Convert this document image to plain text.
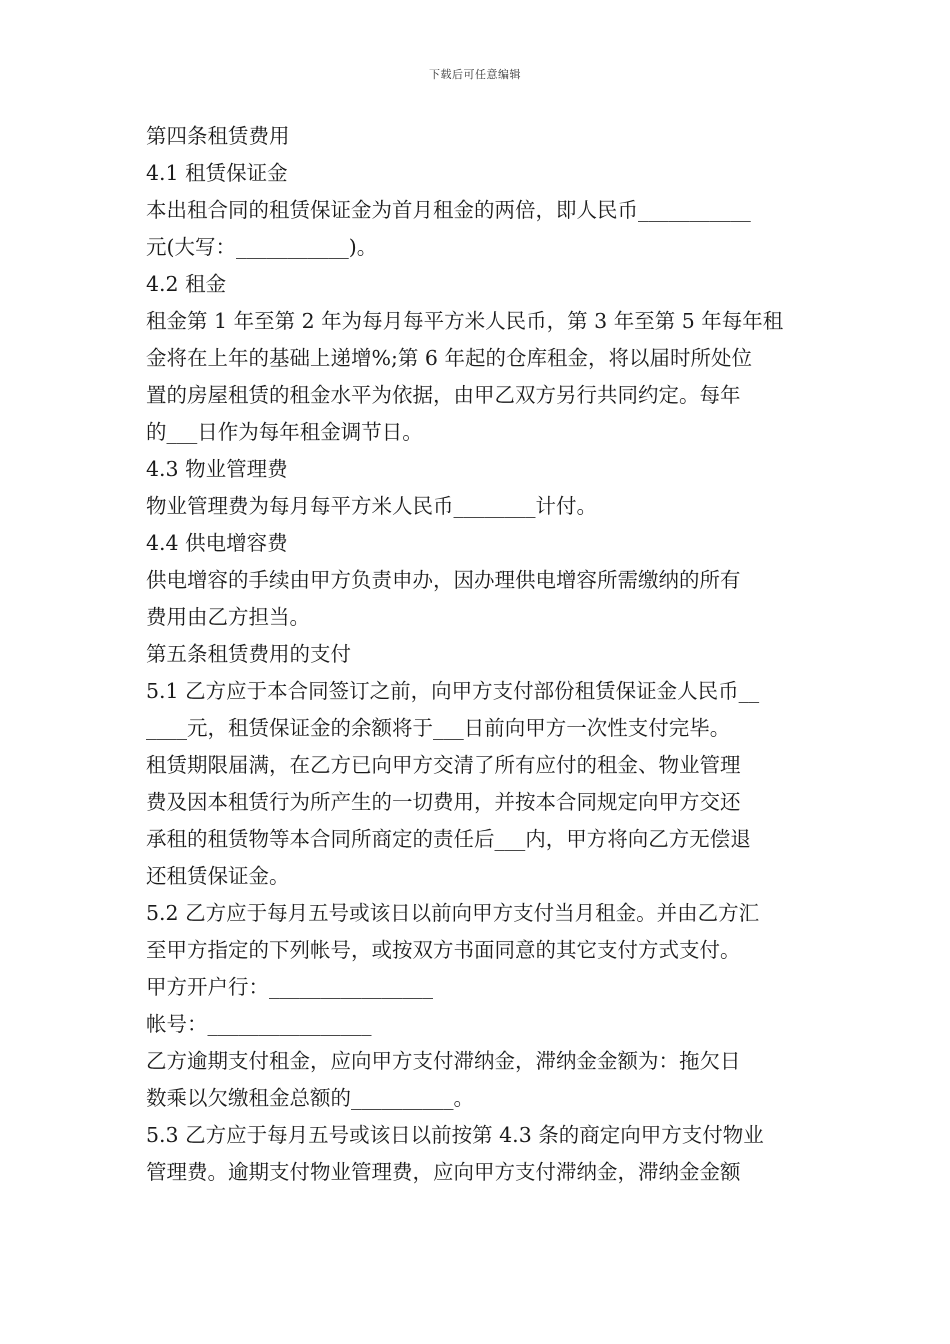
下载后可任意编辑
第四条租赁费用
4.1 租赁保证金
本出租合同的租赁保证金为首月租金的两倍，即人民币___________
元(大写：___________)。
4.2 租金
租金第 1 年至第 2 年为每月每平方米人民币，第 3 年至第 5 年每年租
金将在上年的基础上递增%;第 6 年起的仓库租金，将以届时所处位
置的房屋租赁的租金水平为依据，由甲乙双方另行共同约定。每年
的___日作为每年租金调节日。
4.3 物业管理费
物业管理费为每月每平方米人民币________计付。
4.4 供电增容费
供电增容的手续由甲方负责申办，因办理供电增容所需缴纳的所有
费用由乙方担当。
第五条租赁费用的支付
5.1 乙方应于本合同签订之前，向甲方支付部份租赁保证金人民币__
____元，租赁保证金的余额将于___日前向甲方一次性支付完毕。
租赁期限届满，在乙方已向甲方交清了所有应付的租金、物业管理
费及因本租赁行为所产生的一切费用，并按本合同规定向甲方交还
承租的租赁物等本合同所商定的责任后___内，甲方将向乙方无偿退
还租赁保证金。
5.2 乙方应于每月五号或该日以前向甲方支付当月租金。并由乙方汇
至甲方指定的下列帐号，或按双方书面同意的其它支付方式支付。
甲方开户行：________________
帐号：________________
乙方逾期支付租金，应向甲方支付滞纳金，滞纳金金额为：拖欠日
数乘以欠缴租金总额的__________。
5.3 乙方应于每月五号或该日以前按第 4.3 条的商定向甲方支付物业
管理费。逾期支付物业管理费，应向甲方支付滞纳金，滞纳金金额
